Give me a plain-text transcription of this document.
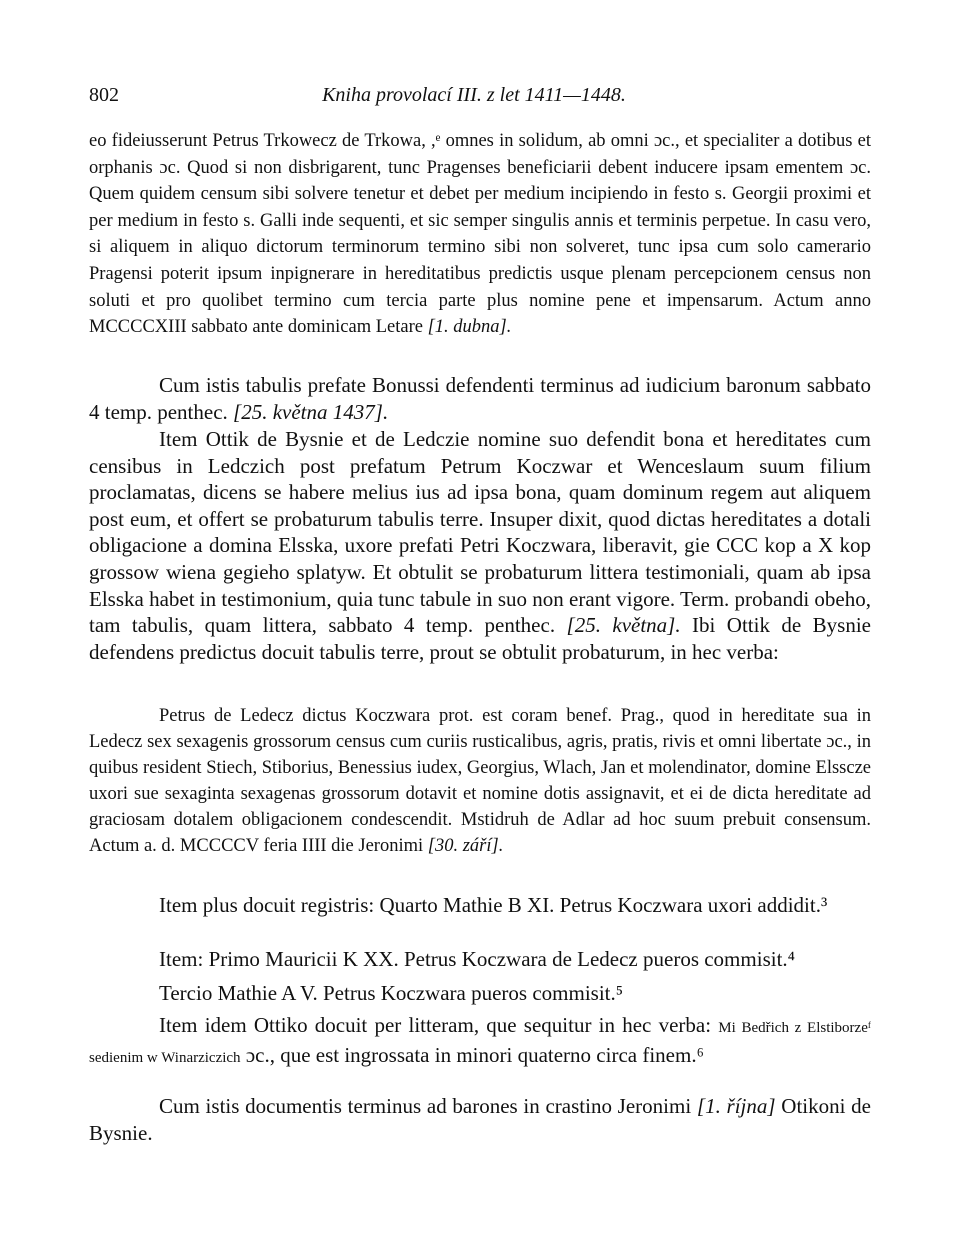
802	Kniha provolací III. z let 1411—1448.
eo fideiusserunt Petrus Trkowecz de Trkowa, ,ᵉ omnes in solidum, ab omni ɔc., et specialiter a dotibus et orphanis ɔc. Quod si non disbrigarent, tunc Pragenses beneficiarii debent inducere ipsam ementem ɔc. Quem quidem censum sibi solvere tenetur et debet per medium incipiendo in festo s. Georgii proximi et per medium in festo s. Galli inde sequenti, et sic semper singulis annis et terminis perpetue. In casu vero, si aliquem in aliquo dictorum terminorum termino sibi non solveret, tunc ipsa cum solo camerario Pragensi poterit ipsum inpignerare in hereditatibus predictis usque plenam percepcionem census non soluti et pro quolibet termino cum tercia parte plus nomine pene et impensarum. Actum anno MCCCCXIII sabbato ante dominicam Letare [1. dubna].
Cum istis tabulis prefate Bonussi defendenti terminus ad iudicium baronum sabbato 4 temp. penthec. [25. května 1437].
Item Ottik de Bysnie et de Ledczie nomine suo defendit bona et hereditates cum censibus in Ledczich post prefatum Petrum Koczwar et Wenceslaum suum filium proclamatas, dicens se habere melius ius ad ipsa bona, quam dominum regem aut aliquem post eum, et offert se probaturum tabulis terre. Insuper dixit, quod dictas hereditates a dotali obligacione a domina Elsska, uxore prefati Petri Koczwara, liberavit, gie CCC kop a X kop grossow wiena gegieho splatyw. Et obtulit se probaturum littera testimoniali, quam ab ipsa Elsska habet in testimonium, quia tunc tabule in suo non erant vigore. Term. probandi obeho, tam tabulis, quam littera, sabbato 4 temp. penthec. [25. května]. Ibi Ottik de Bysnie defendens predictus docuit tabulis terre, prout se obtulit probaturum, in hec verba:
Petrus de Ledecz dictus Koczwara prot. est coram benef. Prag., quod in hereditate sua in Ledecz sex sexagenis grossorum census cum curiis rusticalibus, agris, pratis, rivis et omni libertate ɔc., in quibus resident Stiech, Stiborius, Benessius iudex, Georgius, Wlach, Jan et molendinator, domine Elsscze uxori sue sexaginta sexagenas grossorum dotavit et nomine dotis assignavit, et ei de dicta hereditate ad graciosam dotalem obligacionem condescendit. Mstidruh de Adlar ad hoc suum prebuit consensum. Actum a. d. MCCCCV feria IIII die Jeronimi [30. září].
Item plus docuit registris: Quarto Mathie B XI. Petrus Koczwara uxori addidit.³
Item: Primo Mauricii K XX. Petrus Koczwara de Ledecz pueros commisit.⁴
Tercio Mathie A V. Petrus Koczwara pueros commisit.⁵
Item idem Ottiko docuit per litteram, que sequitur in hec verba: Mi Bedřich z Elstiborzeᶠ sedienim w Winarziczich ɔc., que est ingrossata in minori quaterno circa finem.⁶
Cum istis documentis terminus ad barones in crastino Jeronimi [1. října] Otikoni de Bysnie.
